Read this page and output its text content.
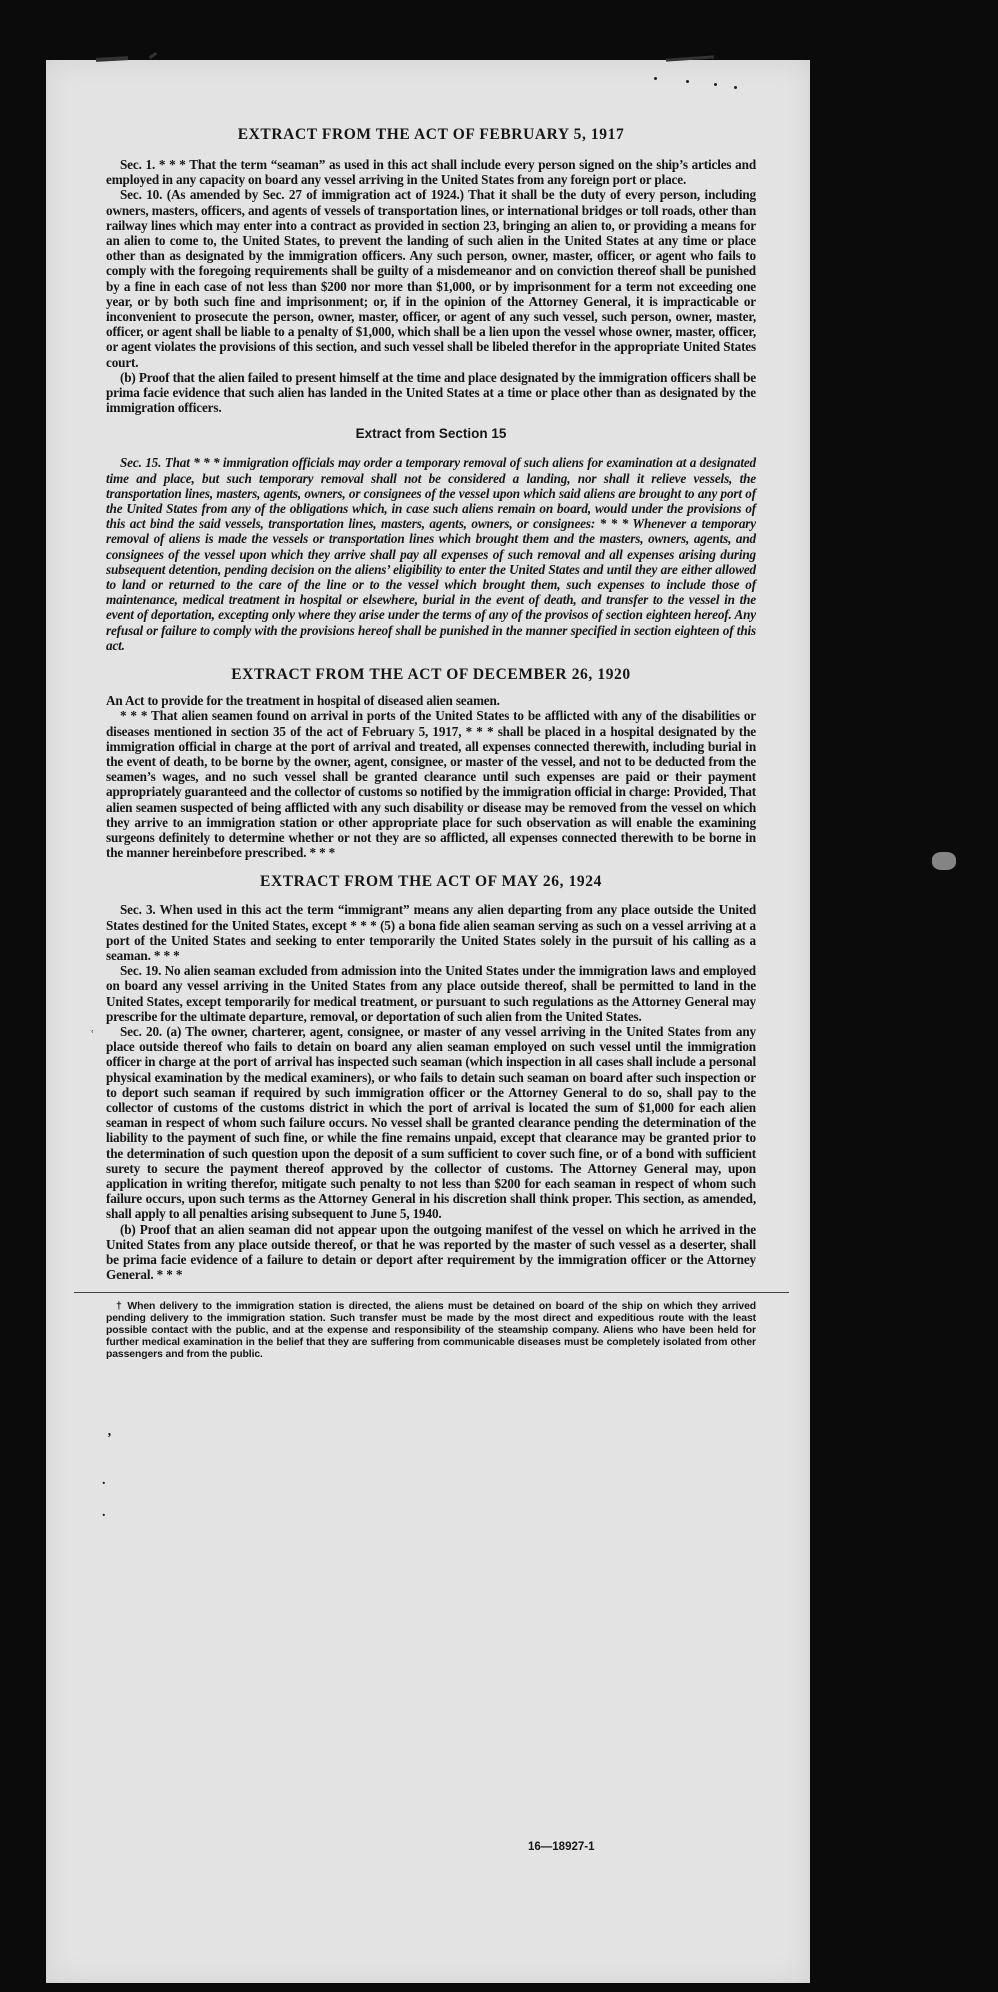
ʿ
’
.
.
EXTRACT FROM THE ACT OF FEBRUARY 5, 1917

Sec. 1. * * * That the term “seaman” as used in this act shall include every person signed on the ship’s articles and employed in any capacity on board any vessel arriving in the United States from any foreign port or place.

Sec. 10. (As amended by Sec. 27 of immigration act of 1924.) That it shall be the duty of every person, including owners, masters, officers, and agents of vessels of transportation lines, or international bridges or toll roads, other than railway lines which may enter into a contract as provided in section 23, bringing an alien to, or providing a means for an alien to come to, the United States, to prevent the landing of such alien in the United States at any time or place other than as designated by the immigration officers. Any such person, owner, master, officer, or agent who fails to comply with the foregoing requirements shall be guilty of a misdemeanor and on conviction thereof shall be punished by a fine in each case of not less than $200 nor more than $1,000, or by imprisonment for a term not exceeding one year, or by both such fine and imprisonment; or, if in the opinion of the Attorney General, it is impracticable or inconvenient to prosecute the person, owner, master, officer, or agent of any such vessel, such person, owner, master, officer, or agent shall be liable to a penalty of $1,000, which shall be a lien upon the vessel whose owner, master, officer, or agent violates the provisions of this section, and such vessel shall be libeled therefor in the appropriate United States court.

(b) Proof that the alien failed to present himself at the time and place designated by the immigration officers shall be prima facie evidence that such alien has landed in the United States at a time or place other than as designated by the immigration officers.

Extract from Section 15

Sec. 15. That * * * immigration officials may order a temporary removal of such aliens for examination at a designated time and place, but such temporary removal shall not be considered a landing, nor shall it relieve vessels, the transportation lines, masters, agents, owners, or consignees of the vessel upon which said aliens are brought to any port of the United States from any of the obligations which, in case such aliens remain on board, would under the provisions of this act bind the said vessels, transportation lines, masters, agents, owners, or consignees: * * * Whenever a temporary removal of aliens is made the vessels or transportation lines which brought them and the masters, owners, agents, and consignees of the vessel upon which they arrive shall pay all expenses of such removal and all expenses arising during subsequent detention, pending decision on the aliens’ eligibility to enter the United States and until they are either allowed to land or returned to the care of the line or to the vessel which brought them, such expenses to include those of maintenance, medical treatment in hospital or elsewhere, burial in the event of death, and transfer to the vessel in the event of deportation, excepting only where they arise under the terms of any of the provisos of section eighteen hereof. Any refusal or failure to comply with the provisions hereof shall be punished in the manner specified in section eighteen of this act.

EXTRACT FROM THE ACT OF DECEMBER 26, 1920

An Act to provide for the treatment in hospital of diseased alien seamen.

* * * That alien seamen found on arrival in ports of the United States to be afflicted with any of the disabilities or diseases mentioned in section 35 of the act of February 5, 1917, * * * shall be placed in a hospital designated by the immigration official in charge at the port of arrival and treated, all expenses connected therewith, including burial in the event of death, to be borne by the owner, agent, consignee, or master of the vessel, and not to be deducted from the seamen’s wages, and no such vessel shall be granted clearance until such expenses are paid or their payment appropriately guaranteed and the collector of customs so notified by the immigration official in charge: Provided, That alien seamen suspected of being afflicted with any such disability or disease may be removed from the vessel on which they arrive to an immigration station or other appropriate place for such observation as will enable the examining surgeons definitely to determine whether or not they are so afflicted, all expenses connected therewith to be borne in the manner hereinbefore prescribed. * * *

EXTRACT FROM THE ACT OF MAY 26, 1924

Sec. 3. When used in this act the term “immigrant” means any alien departing from any place outside the United States destined for the United States, except * * * (5) a bona fide alien seaman serving as such on a vessel arriving at a port of the United States and seeking to enter temporarily the United States solely in the pursuit of his calling as a seaman. * * *

Sec. 19. No alien seaman excluded from admission into the United States under the immigration laws and employed on board any vessel arriving in the United States from any place outside thereof, shall be permitted to land in the United States, except temporarily for medical treatment, or pursuant to such regulations as the Attorney General may prescribe for the ultimate departure, removal, or deportation of such alien from the United States.

Sec. 20. (a) The owner, charterer, agent, consignee, or master of any vessel arriving in the United States from any place outside thereof who fails to detain on board any alien seaman employed on such vessel until the immigration officer in charge at the port of arrival has inspected such seaman (which inspection in all cases shall include a personal physical examination by the medical examiners), or who fails to detain such seaman on board after such inspection or to deport such seaman if required by such immigration officer or the Attorney General to do so, shall pay to the collector of customs of the customs district in which the port of arrival is located the sum of $1,000 for each alien seaman in respect of whom such failure occurs. No vessel shall be granted clearance pending the determination of the liability to the payment of such fine, or while the fine remains unpaid, except that clearance may be granted prior to the determination of such question upon the deposit of a sum sufficient to cover such fine, or of a bond with sufficient surety to secure the payment thereof approved by the collector of customs. The Attorney General may, upon application in writing therefor, mitigate such penalty to not less than $200 for each seaman in respect of whom such failure occurs, upon such terms as the Attorney General in his discretion shall think proper. This section, as amended, shall apply to all penalties arising subsequent to June 5, 1940.

(b) Proof that an alien seaman did not appear upon the outgoing manifest of the vessel on which he arrived in the United States from any place outside thereof, or that he was reported by the master of such vessel as a deserter, shall be prima facie evidence of a failure to detain or deport after requirement by the immigration officer or the Attorney General. * * *

† When delivery to the immigration station is directed, the aliens must be detained on board of the ship on which they arrived pending delivery to the immigration station. Such transfer must be made by the most direct and expeditious route with the least possible contact with the public, and at the expense and responsibility of the steamship company. Aliens who have been held for further medical examination in the belief that they are suffering from communicable diseases must be completely isolated from other passengers and from the public.

16—18927-1
